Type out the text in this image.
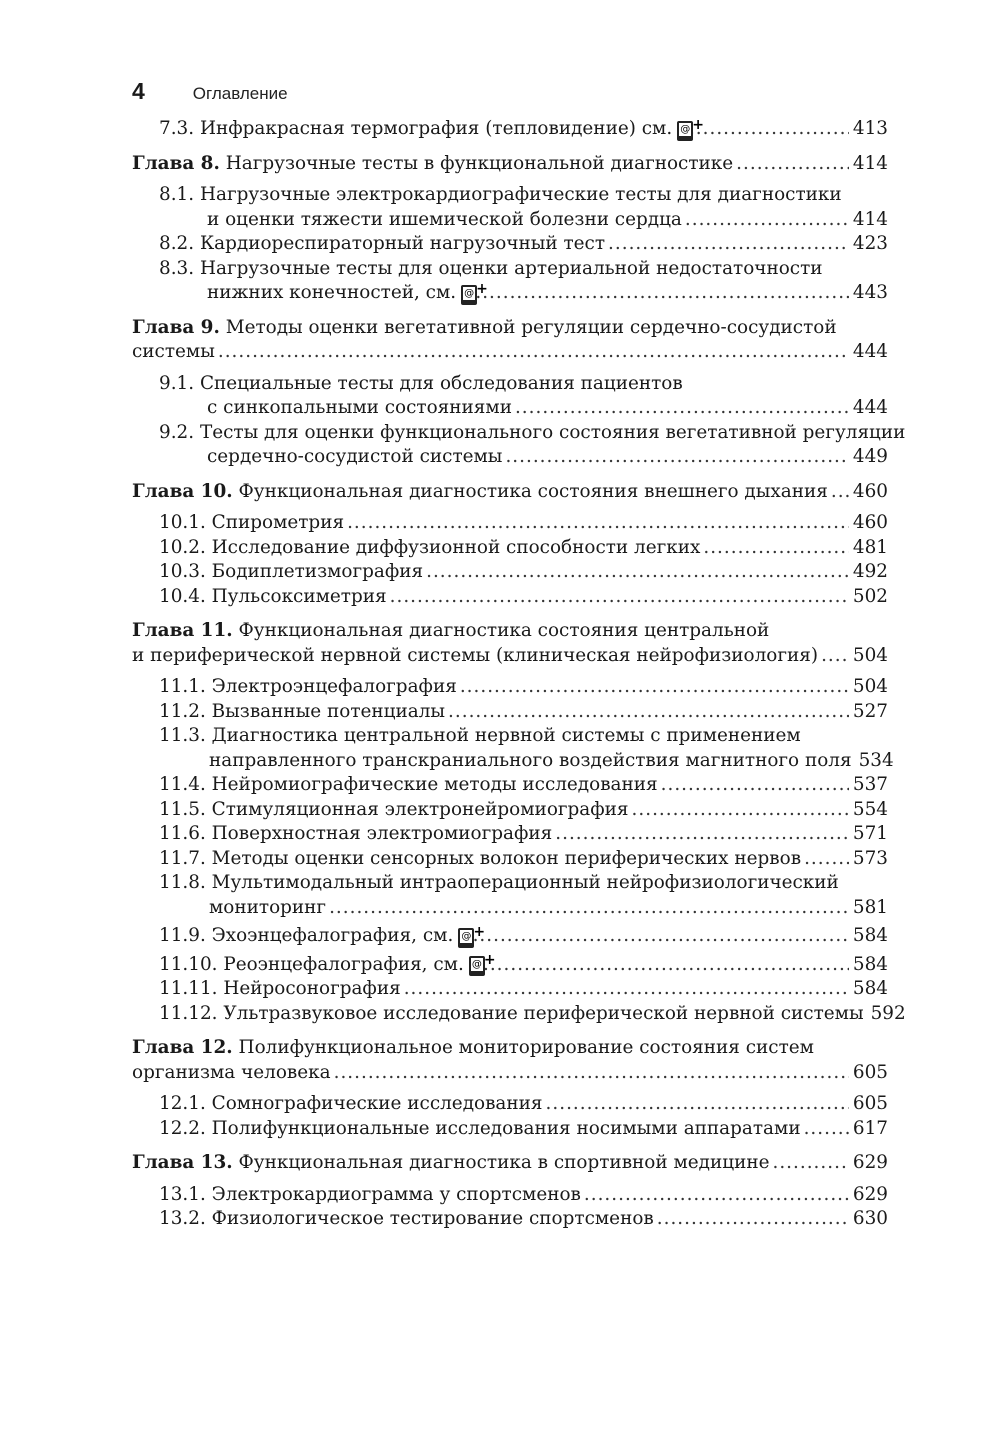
4	Оглавление
7.3. Инфракрасная термография (тепловидение) см. @ + .....	413
Глава 8. Нагрузочные тесты в функциональной диагностике .....	414
8.1. Нагрузочные электрокардиографические тесты для диагностики
и оценки тяжести ишемической болезни сердца .....	414
8.2. Кардиореспираторный нагрузочный тест .....	423
8.3. Нагрузочные тесты для оценки артериальной недостаточности
нижних конечностей, см. @ + .....	443
Глава 9. Методы оценки вегетативной регуляции сердечно-сосудистой
системы .....	444
9.1. Специальные тесты для обследования пациентов
с синкопальными состояниями .....	444
9.2. Тесты для оценки функционального состояния вегетативной регуляции
сердечно-сосудистой системы .....	449
Глава 10. Функциональная диагностика состояния внешнего дыхания ..... 460
10.1. Спирометрия .....	460
10.2. Исследование диффузионной способности легких .....	481
10.3. Бодиплетизмография .....	492
10.4. Пульсоксиметрия .....	502
Глава 11. Функциональная диагностика состояния центральной
и периферической нервной системы (клиническая нейрофизиология) ..... 504
11.1. Электроэнцефалография .....	504
11.2. Вызванные потенциалы .....	527
11.3. Диагностика центральной нервной системы с применением
направленного транскраниального воздействия магнитного поля 534
11.4. Нейромиографические методы исследования .....	537
11.5. Стимуляционная электронейромиография .....	554
11.6. Поверхностная электромиография .....	571
11.7. Методы оценки сенсорных волокон периферических нервов .....	573
11.8. Мультимодальный интраоперационный нейрофизиологический
мониторинг .....	581
11.9. Эхоэнцефалография, см. @ + .....	584
11.10. Реоэнцефалография, см. @ + .....	584
11.11. Нейросонография .....	584
11.12. Ультразвуковое исследование периферической нервной системы 592
Глава 12. Полифункциональное мониторирование состояния систем
организма человека .....	605
12.1. Сомнографические исследования .....	605
12.2. Полифункциональные исследования носимыми аппаратами .....	617
Глава 13. Функциональная диагностика в спортивной медицине .....	629
13.1. Электрокардиограмма у спортсменов .....	629
13.2. Физиологическое тестирование спортсменов .....	630
